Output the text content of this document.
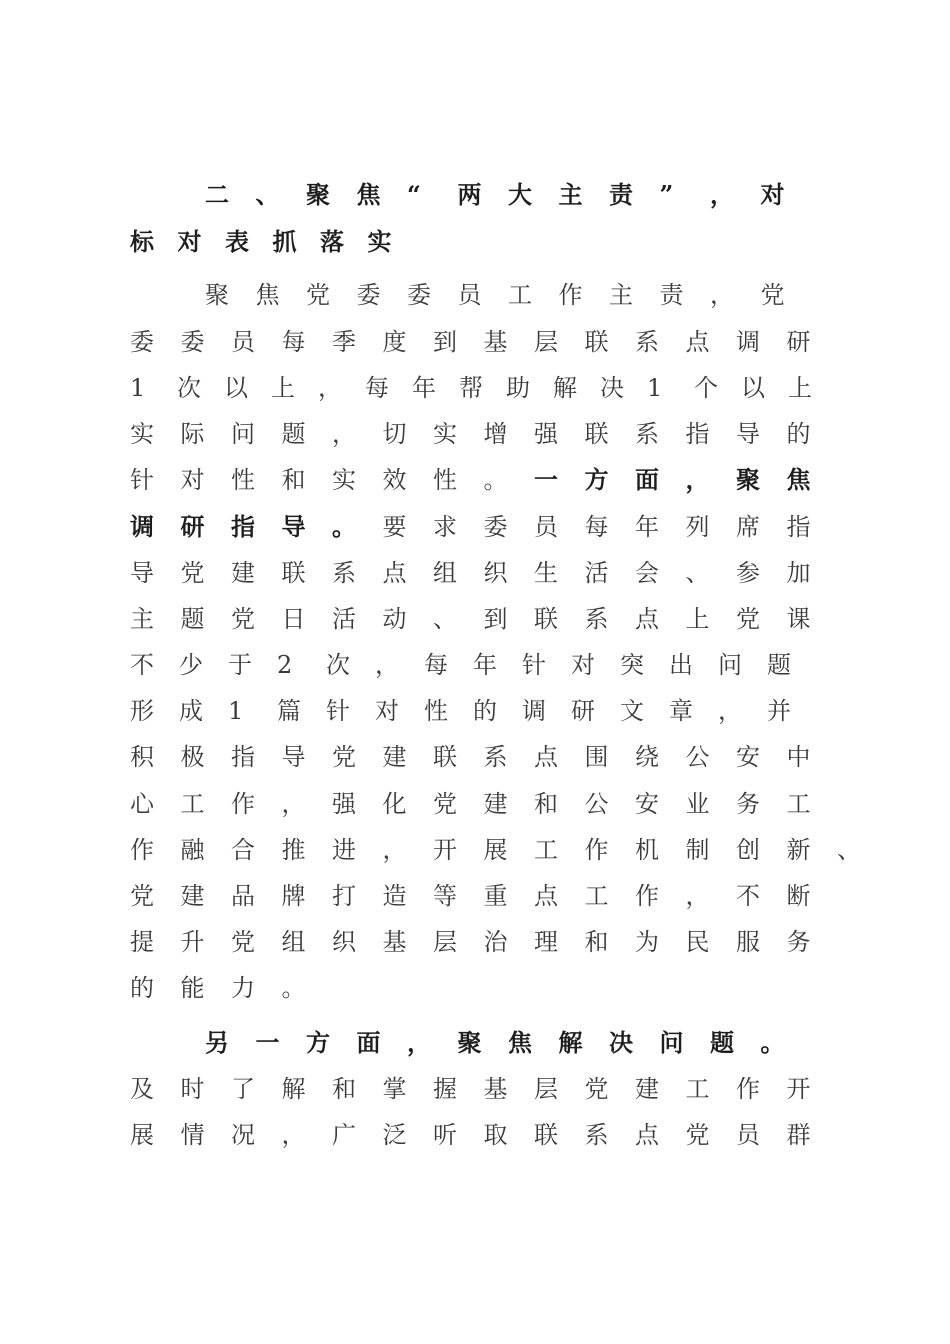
二 、 聚 焦 “ 两 大 主 责 ” ， 对
标 对 表 抓 落 实
聚 焦 党 委 委 员 工 作 主 责 ， 党
委 委 员 每 季 度 到 基 层 联 系 点 调 研
1 次 以 上 ， 每 年 帮 助 解 决 1 个 以 上
实 际 问 题 ， 切 实 增 强 联 系 指 导 的
针 对 性 和 实 效 性 。	一 方 面 ， 聚 焦
调 研 指 导 。	要 求 委 员 每 年 列 席 指
导 党 建 联 系 点 组 织 生 活 会 、 参 加
主 题 党 日 活 动 、 到 联 系 点 上 党 课
不 少 于 2 次 ， 每 年 针 对 突 出 问 题
形 成 1 篇 针 对 性 的 调 研 文 章 ， 并
积 极 指 导 党 建 联 系 点 围 绕 公 安 中
心 工 作 ， 强 化 党 建 和 公 安 业 务 工
作 融 合 推 进 ， 开 展 工 作 机 制 创 新 、
党 建 品 牌 打 造 等 重 点 工 作 ， 不 断
提 升 党 组 织 基 层 治 理 和 为 民 服 务
的 能 力 。
另 一 方 面 ， 聚 焦 解 决 问 题 。
及 时 了 解 和 掌 握 基 层 党 建 工 作 开
展 情 况 ， 广 泛 听 取 联 系 点 党 员 群
